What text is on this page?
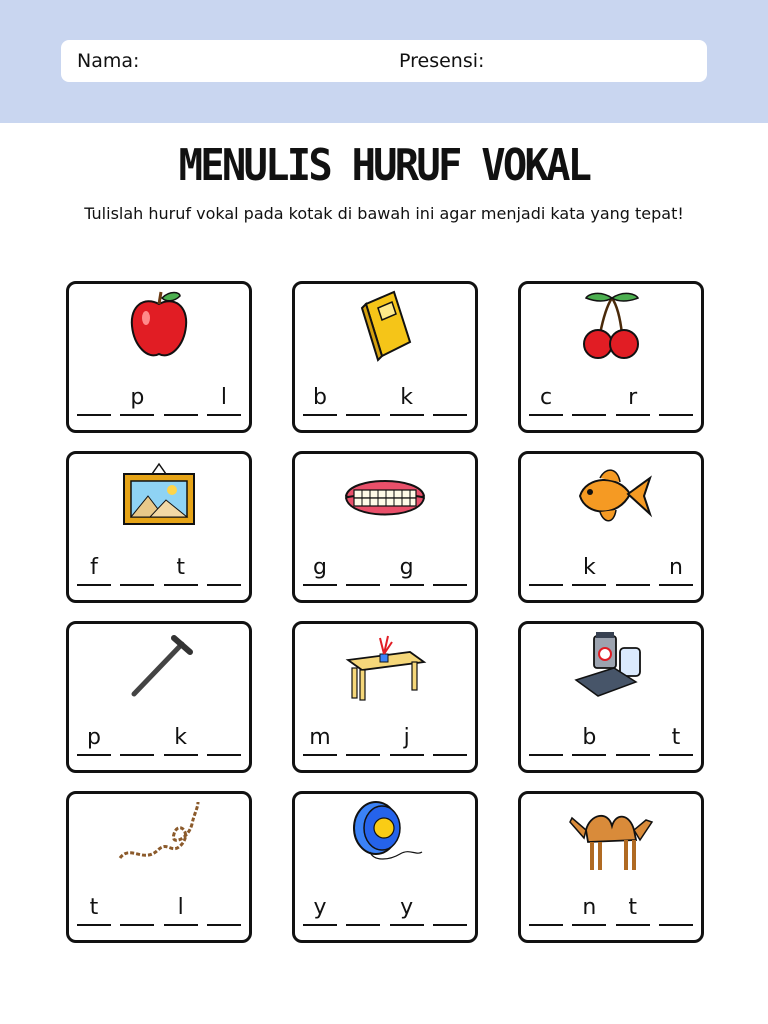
Nama:	Presensi:
MENULIS HURUF VOKAL
Tulislah huruf vokal pada kotak di bawah ini agar menjadi kata yang tepat!
p	l	b	k	c	r
f	t	g	g	k	n
p	k	m	j	b	t
t	l	y	y	n	t
